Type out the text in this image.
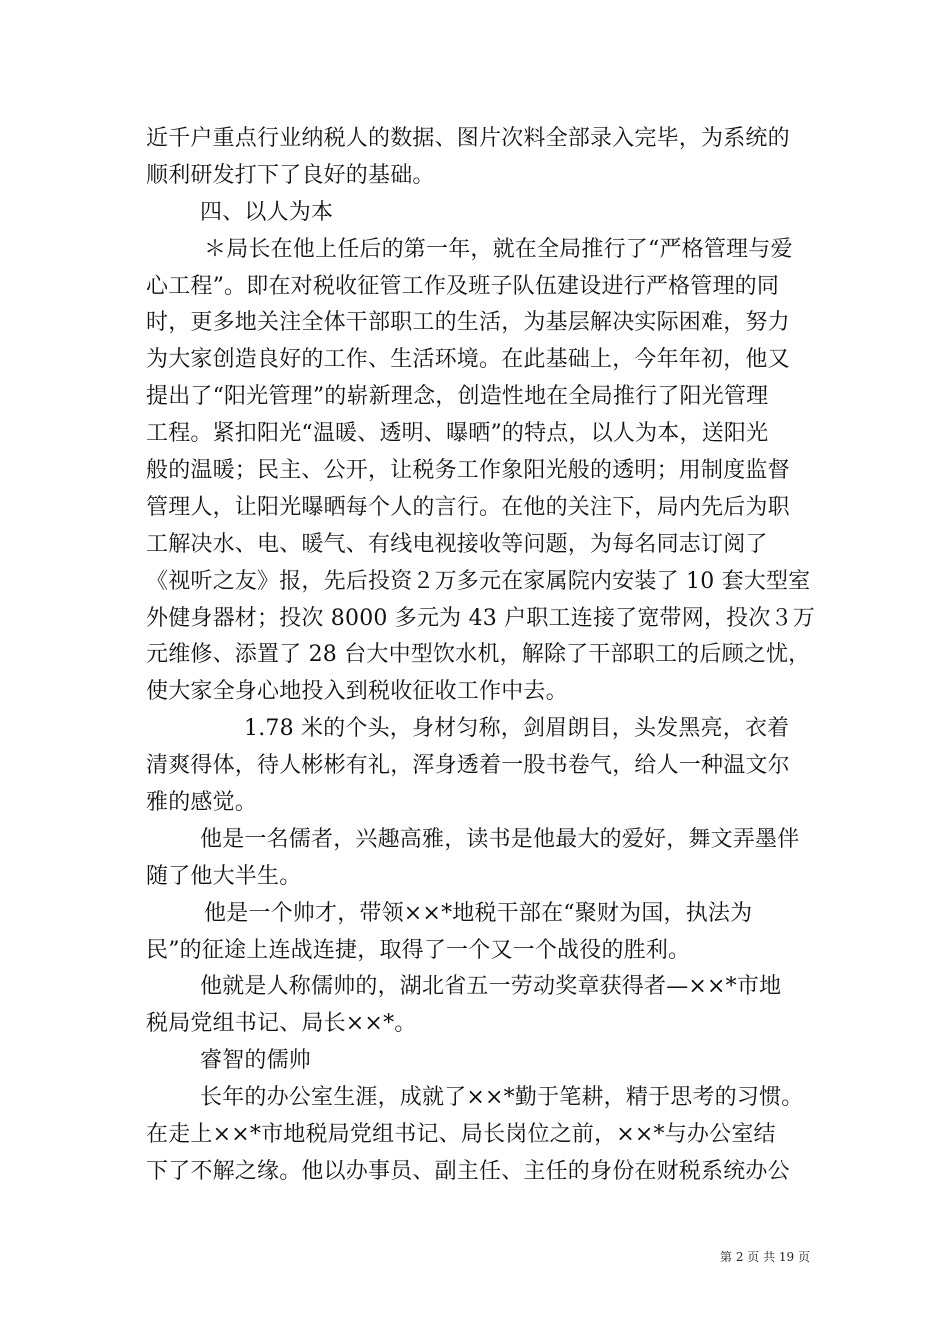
近千户重点行业纳税人的数据、图片次料全部录入完毕，为系统的
顺利研发打下了良好的基础。
四、以人为本
＊局长在他上任后的第一年，就在全局推行了“严格管理与爱
心工程”。即在对税收征管工作及班子队伍建设进行严格管理的同
时，更多地关注全体干部职工的生活，为基层解决实际困难，努力
为大家创造良好的工作、生活环境。在此基础上，今年年初，他又
提出了“阳光管理”的崭新理念，创造性地在全局推行了阳光管理
工程。紧扣阳光“温暖、透明、曝晒”的特点，以人为本，送阳光
般的温暖；民主、公开，让税务工作象阳光般的透明；用制度监督
管理人，让阳光曝晒每个人的言行。在他的关注下，局内先后为职
工解决水、电、暖气、有线电视接收等问题，为每名同志订阅了
《视听之友》报，先后投资２万多元在家属院内安装了 10 套大型室
外健身器材；投次 8000 多元为 43 户职工连接了宽带网，投次３万
元维修、添置了 28 台大中型饮水机，解除了干部职工的后顾之忧，
使大家全身心地投入到税收征收工作中去。
1.78 米的个头，身材匀称，剑眉朗目，头发黑亮，衣着
清爽得体，待人彬彬有礼，浑身透着一股书卷气，给人一种温文尔
雅的感觉。
他是一名儒者，兴趣高雅，读书是他最大的爱好，舞文弄墨伴
随了他大半生。
他是一个帅才，带领××*地税干部在“聚财为国，执法为
民”的征途上连战连捷，取得了一个又一个战役的胜利。
他就是人称儒帅的，湖北省五一劳动奖章获得者—××*市地
税局党组书记、局长××*。
睿智的儒帅
长年的办公室生涯，成就了××*勤于笔耕，精于思考的习惯。
在走上××*市地税局党组书记、局长岗位之前，××*与办公室结
下了不解之缘。他以办事员、副主任、主任的身份在财税系统办公
第 2 页 共 19 页
